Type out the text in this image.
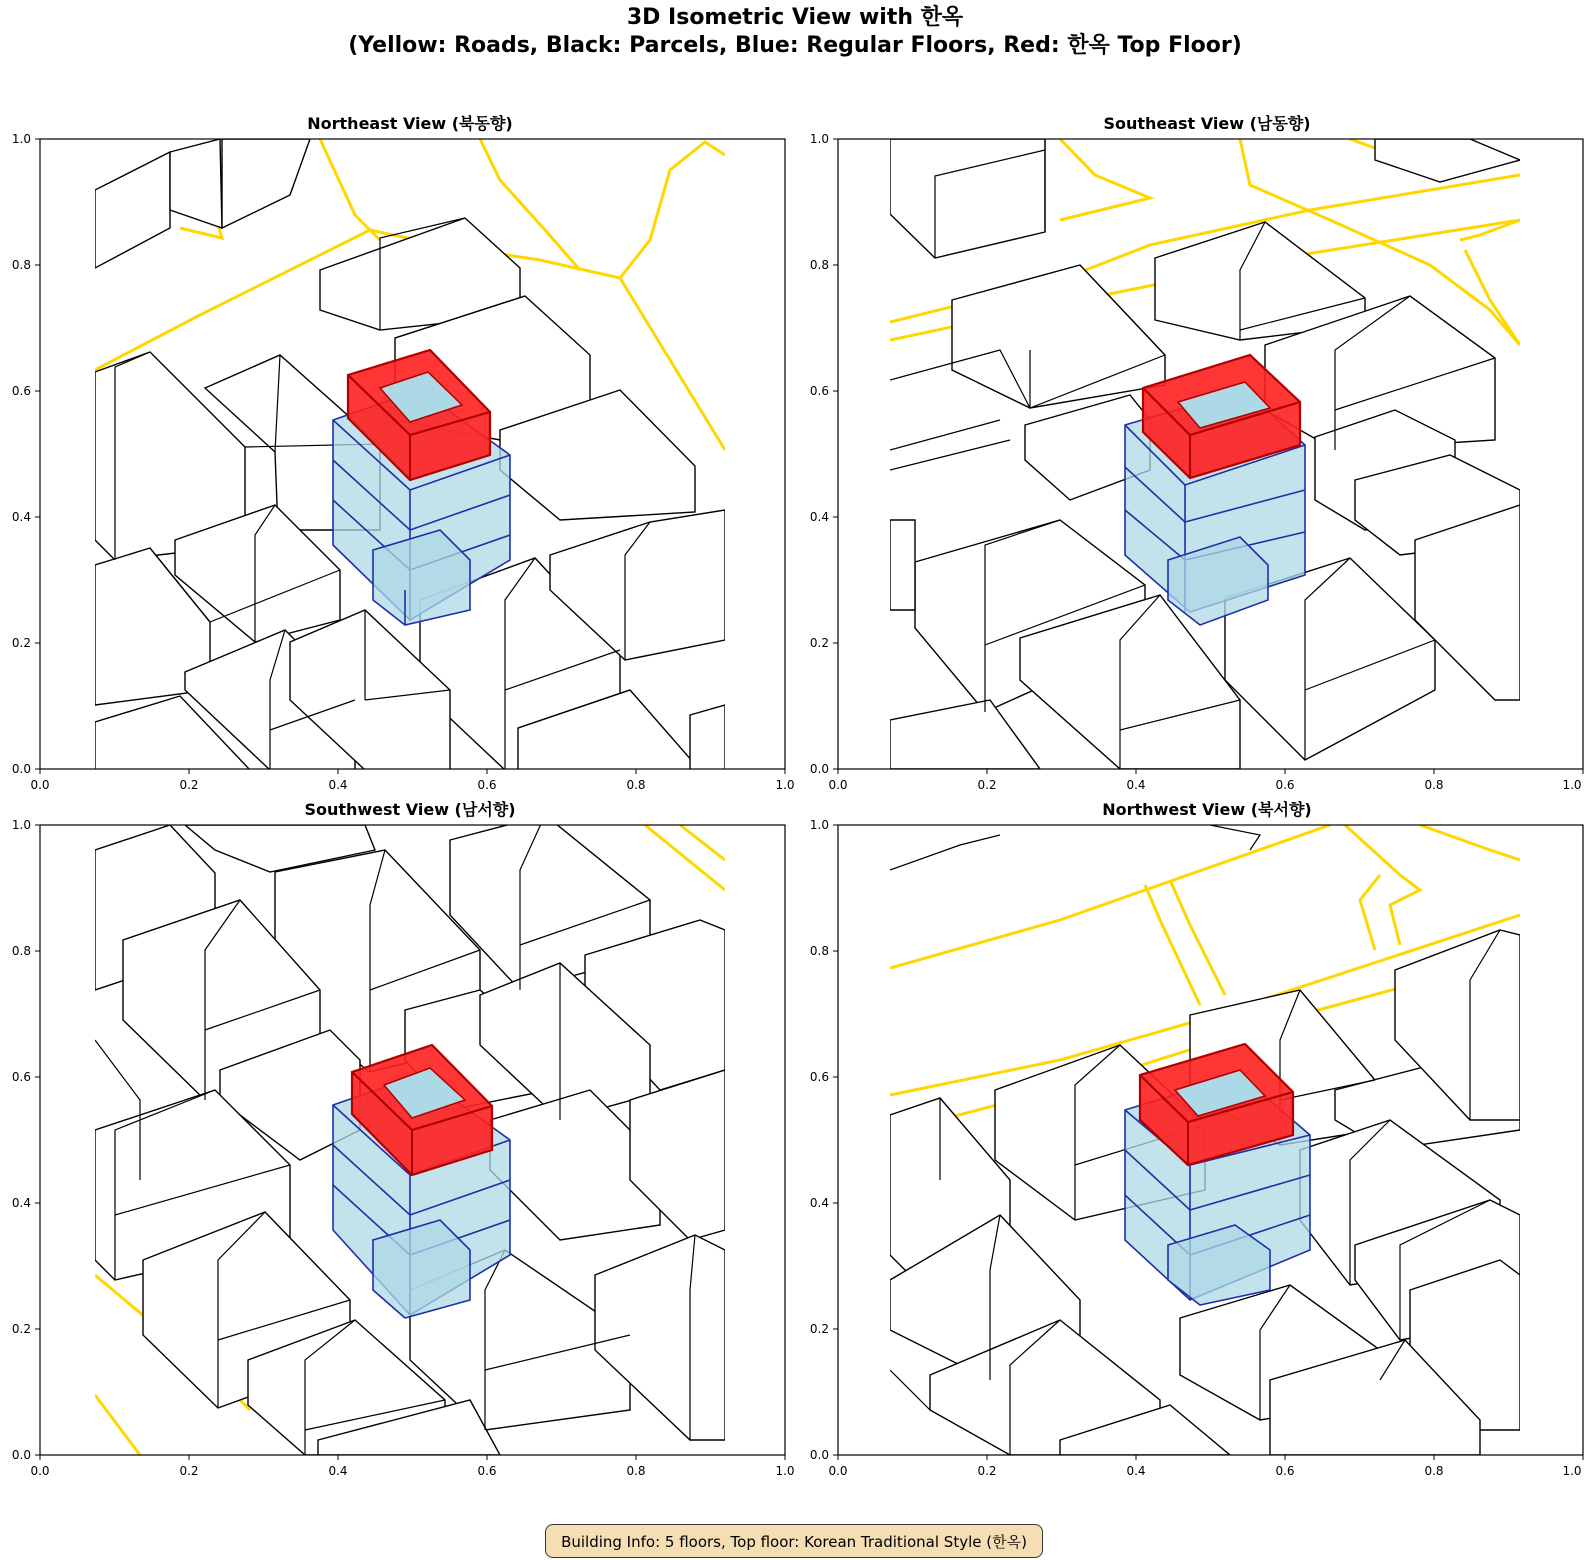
3D Isometric View with 한옥
(Yellow: Roads, Black: Parcels, Blue: Regular Floors, Red: 한옥 Top Floor)
Northeast View (북동향)
0.0	0.2	0.4	0.6	0.8	1.0
0.0
0.2
0.4
0.6
0.8
1.0
Southeast View (남동향)
0.0	0.2	0.4	0.6	0.8	1.0
0.0
0.2
0.4
0.6
0.8
1.0
Southwest View (남서향)
0.0	0.2	0.4	0.6	0.8	1.0
0.0
0.2
0.4
0.6
0.8
1.0
Northwest View (북서향)
0.0	0.2	0.4	0.6	0.8	1.0
0.0
0.2
0.4
0.6
0.8
1.0
Building Info: 5 floors, Top floor: Korean Traditional Style (한옥)
